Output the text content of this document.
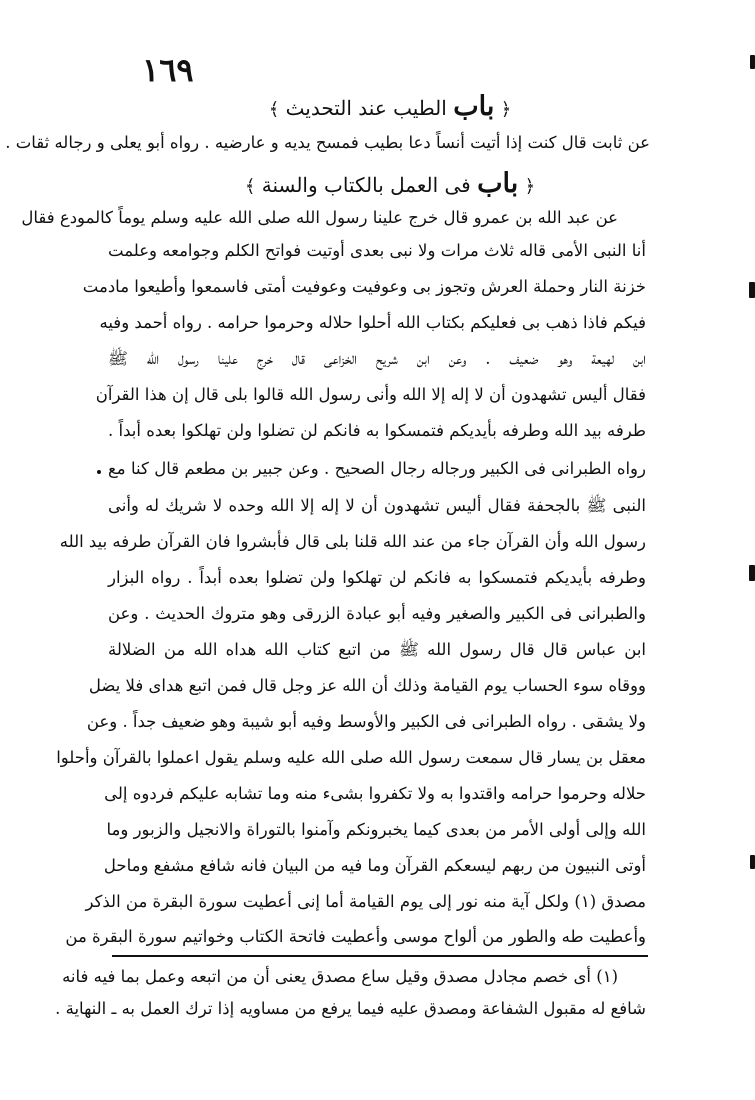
١٦٩
﴿ باب الطيب عند التحديث ﴾
عن ثابت قال كنت إذا أتيت أنساً دعا بطيب فمسح يديه و عارضيه . رواه أبو يعلى و رجاله ثقات .
﴿ باب فى العمل بالكتاب والسنة ﴾
عن عبد الله بن عمرو قال خرج علينا رسول الله صلى الله عليه وسلم يوماً كالمودع فقال
أنا النبى الأمى قاله ثلاث مرات ولا نبى بعدى أوتيت فواتح الكلم وجوامعه وعلمت
خزنة النار وحملة العرش وتجوز بى وعوفيت وعوفيت أمتى فاسمعوا وأطيعوا مادمت
فيكم فاذا ذهب بى فعليكم بكتاب الله أحلوا حلاله وحرموا حرامه . رواه أحمد وفيه
ابن لهيعة وهو ضعيف . وعن ابن شريح الخزاعى قال خرج علينا رسول الله ﷺ
فقال أليس تشهدون أن لا إله إلا الله وأنى رسول الله قالوا بلى قال إن هذا القرآن
طرفه بيد الله وطرفه بأيديكم فتمسكوا به فانكم لن تضلوا ولن تهلكوا بعده أبداً .
رواه الطبرانى فى الكبير ورجاله رجال الصحيح . وعن جبير بن مطعم قال كنا مع
النبى ﷺ بالجحفة فقال أليس تشهدون أن لا إله إلا الله وحده لا شريك له وأنى
رسول الله وأن القرآن جاء من عند الله قلنا بلى قال فأبشروا فان القرآن طرفه بيد الله
وطرفه بأيديكم فتمسكوا به فانكم لن تهلكوا ولن تضلوا بعده أبداً . رواه البزار
والطبرانى فى الكبير والصغير وفيه أبو عبادة الزرقى وهو متروك الحديث . وعن
ابن عباس قال قال رسول الله ﷺ من اتبع كتاب الله هداه الله من الضلالة
ووقاه سوء الحساب يوم القيامة وذلك أن الله عز وجل قال فمن اتبع هداى فلا يضل
ولا يشقى . رواه الطبرانى فى الكبير والأوسط وفيه أبو شيبة وهو ضعيف جداً . وعن
معقل بن يسار قال سمعت رسول الله صلى الله عليه وسلم يقول اعملوا بالقرآن وأحلوا
حلاله وحرموا حرامه واقتدوا به ولا تكفروا بشىء منه وما تشابه عليكم فردوه إلى
الله وإلى أولى الأمر من بعدى كيما يخبرونكم وآمنوا بالتوراة والانجيل والزبور وما
أوتى النبيون من ربهم ليسعكم القرآن وما فيه من البيان فانه شافع مشفع وماحل
مصدق (١) ولكل آية منه نور إلى يوم القيامة أما إنى أعطيت سورة البقرة من الذكر
وأعطيت طه والطور من ألواح موسى وأعطيت فاتحة الكتاب وخواتيم سورة البقرة من
(١) أى خصم مجادل مصدق وقيل ساع مصدق يعنى أن من اتبعه وعمل بما فيه فانه
شافع له مقبول الشفاعة ومصدق عليه فيما يرفع من مساويه إذا ترك العمل به ـ النهاية .
